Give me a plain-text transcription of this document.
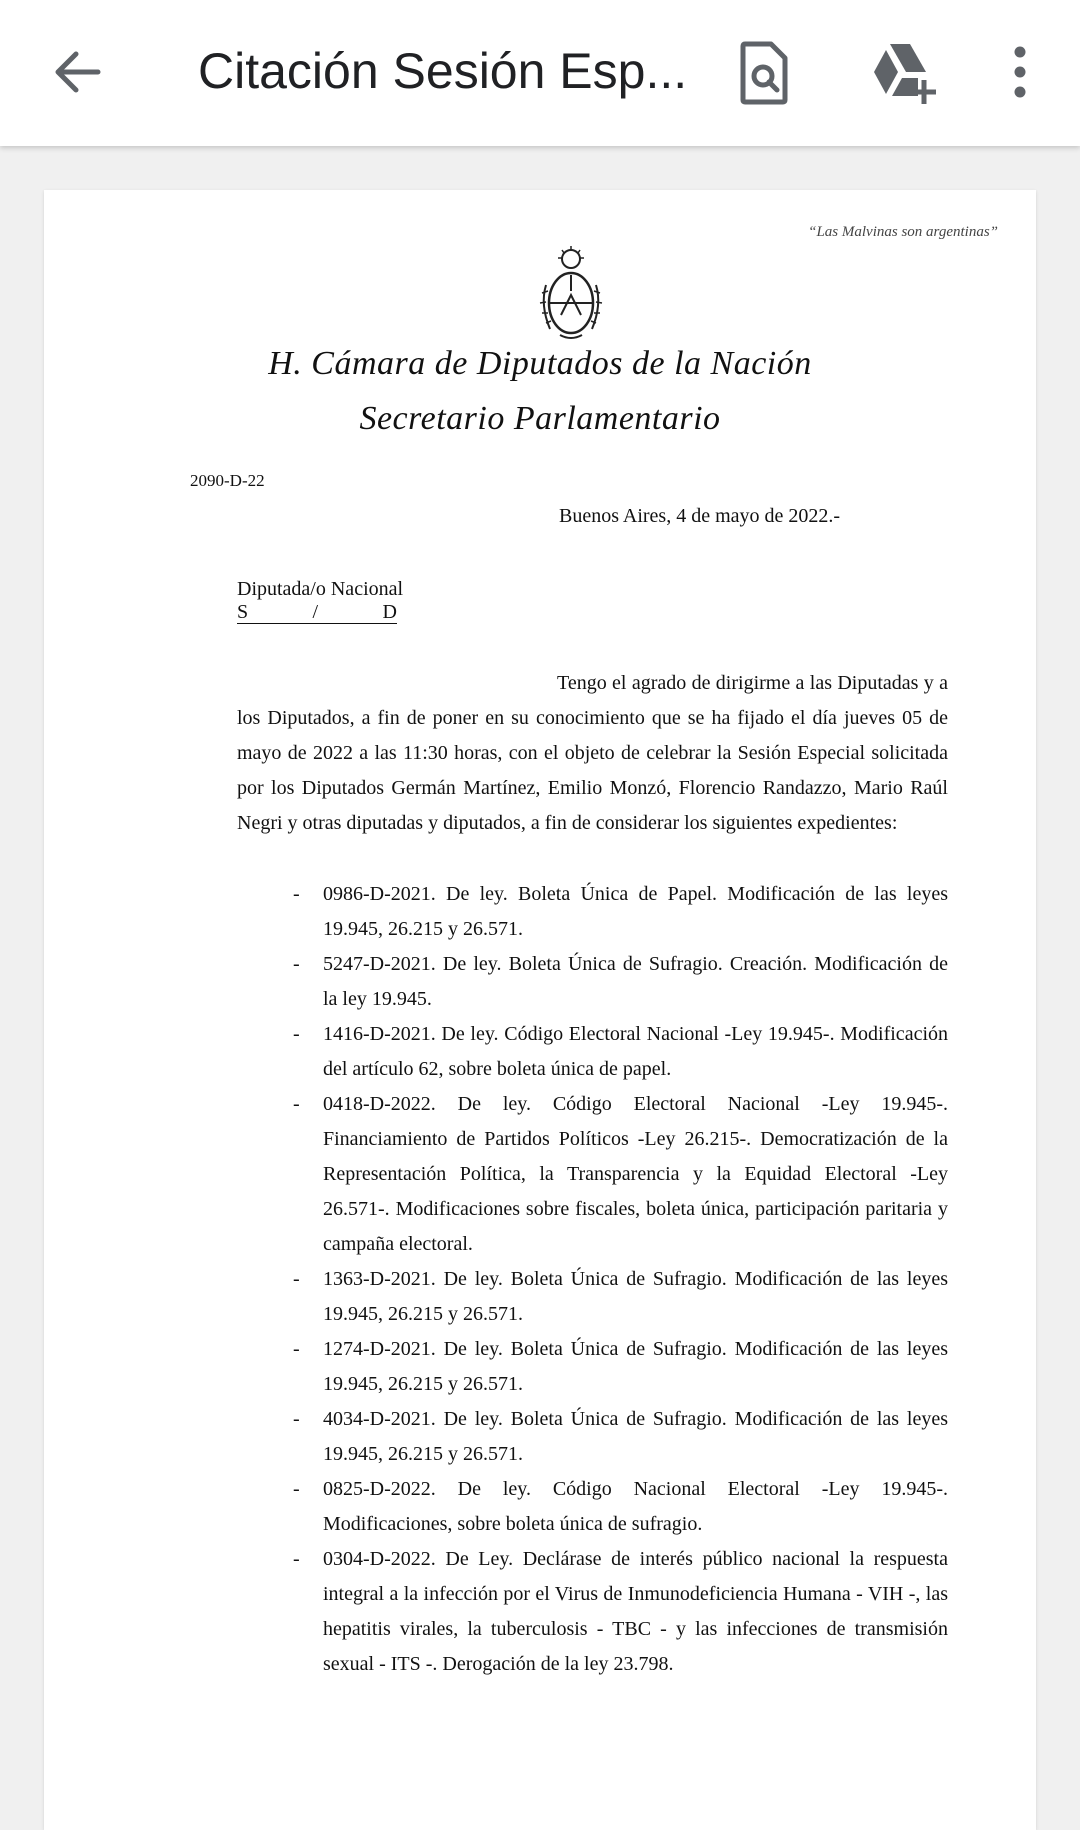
Citación Sesión Esp...
“Las Malvinas son argentinas”
H. Cámara de Diputados de la Nación
Secretario Parlamentario
2090-D-22
Buenos Aires, 4 de mayo de 2022.-
Diputada/o Nacional
S	/	D
Tengo el agrado de dirigirme a las Diputadas y a los Diputados, a fin de poner en su conocimiento que se ha fijado el día jueves 05 de mayo de 2022 a las 11:30 horas, con el objeto de celebrar la Sesión Especial solicitada por los Diputados Germán Martínez, Emilio Monzó, Florencio Randazzo, Mario Raúl Negri y otras diputadas y diputados, a fin de considerar los siguientes expedientes:
- 0986-D-2021. De ley. Boleta Única de Papel. Modificación de las leyes 19.945, 26.215 y 26.571.
- 5247-D-2021. De ley. Boleta Única de Sufragio. Creación. Modificación de la ley 19.945.
- 1416-D-2021. De ley. Código Electoral Nacional -Ley 19.945-. Modificación del artículo 62, sobre boleta única de papel.
- 0418-D-2022. De ley. Código Electoral Nacional -Ley 19.945-. Financiamiento de Partidos Políticos -Ley 26.215-. Democratización de la Representación Política, la Transparencia y la Equidad Electoral -Ley 26.571-. Modificaciones sobre fiscales, boleta única, participación paritaria y campaña electoral.
- 1363-D-2021. De ley. Boleta Única de Sufragio. Modificación de las leyes 19.945, 26.215 y 26.571.
- 1274-D-2021. De ley. Boleta Única de Sufragio. Modificación de las leyes 19.945, 26.215 y 26.571.
- 4034-D-2021. De ley. Boleta Única de Sufragio. Modificación de las leyes 19.945, 26.215 y 26.571.
- 0825-D-2022. De ley. Código Nacional Electoral -Ley 19.945-. Modificaciones, sobre boleta única de sufragio.
- 0304-D-2022. De Ley. Declárase de interés público nacional la respuesta integral a la infección por el Virus de Inmunodeficiencia Humana - VIH -, las hepatitis virales, la tuberculosis - TBC - y las infecciones de transmisión sexual - ITS -. Derogación de la ley 23.798.
